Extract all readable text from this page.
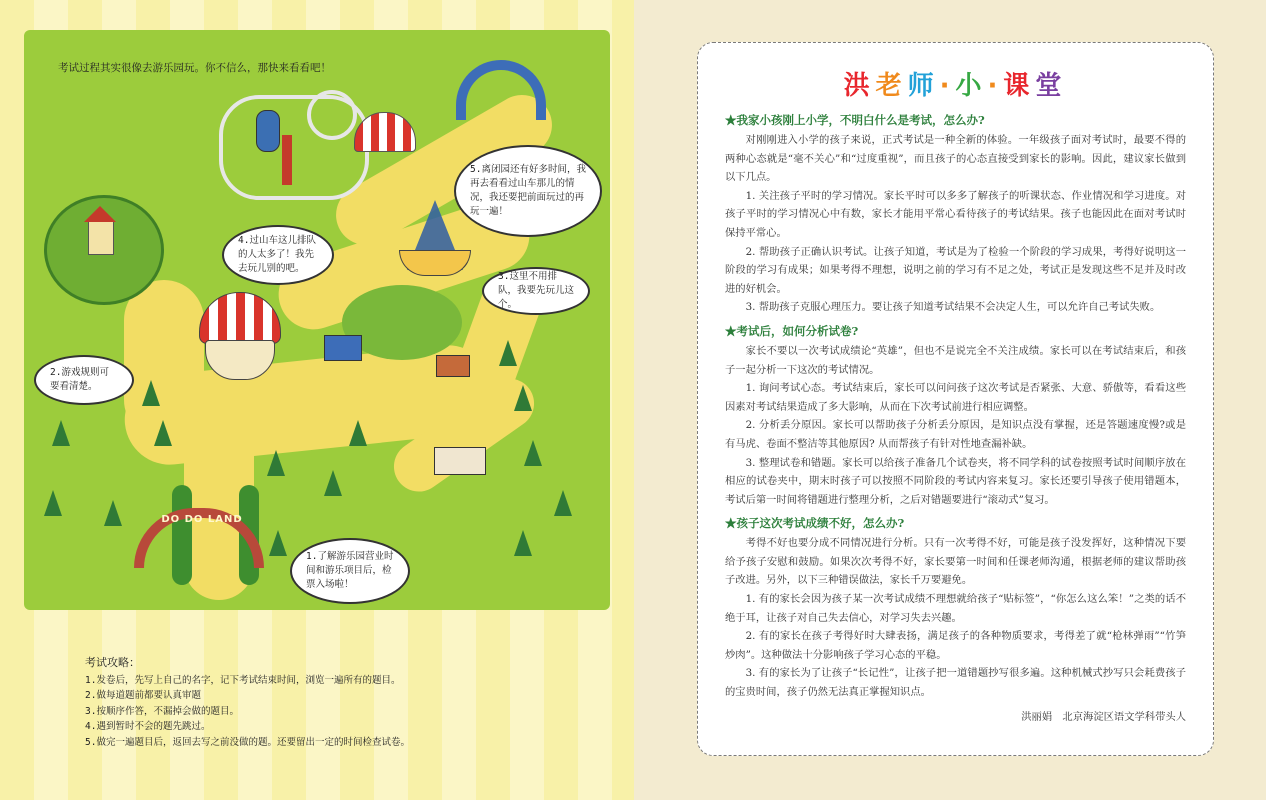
DO DO LAND
考试过程其实很像去游乐园玩。你不信么，那快来看看吧！
5.离闭园还有好多时间，我再去看看过山车那儿的情况，我还要把前面玩过的再玩一遍！
4.过山车这儿排队的人太多了！我先去玩儿别的吧。
3.这里不用排队，我要先玩儿这个。
2.游戏规则可要看清楚。
1.了解游乐园营业时间和游乐项目后，检票入场啦！
考试攻略：
1.发卷后，先写上自己的名字，记下考试结束时间，浏览一遍所有的题目。
2.做每道题前都要认真审题
3.按顺序作答，不漏掉会做的题目。
4.遇到暂时不会的题先跳过。
5.做完一遍题目后，返回去写之前没做的题。还要留出一定的时间检查试卷。
洪老师·小·课堂
★我家小孩刚上小学，不明白什么是考试，怎么办?

对刚刚进入小学的孩子来说，正式考试是一种全新的体验。一年级孩子面对考试时，最要不得的两种心态就是“毫不关心”和“过度重视”，而且孩子的心态直接受到家长的影响。因此，建议家长做到以下几点。

1. 关注孩子平时的学习情况。家长平时可以多多了解孩子的听课状态、作业情况和学习进度。对孩子平时的学习情况心中有数，家长才能用平常心看待孩子的考试结果。孩子也能因此在面对考试时保持平常心。

2. 帮助孩子正确认识考试。让孩子知道，考试是为了检验一个阶段的学习成果，考得好说明这一阶段的学习有成果；如果考得不理想，说明之前的学习有不足之处，考试正是发现这些不足并及时改进的好机会。

3. 帮助孩子克服心理压力。要让孩子知道考试结果不会决定人生，可以允许自己考试失败。

★考试后，如何分析试卷?

家长不要以一次考试成绩论“英雄”，但也不是说完全不关注成绩。家长可以在考试结束后，和孩子一起分析一下这次的考试情况。

1. 询问考试心态。考试结束后，家长可以问问孩子这次考试是否紧张、大意、骄傲等，看看这些因素对考试结果造成了多大影响，从而在下次考试前进行相应调整。

2. 分析丢分原因。家长可以帮助孩子分析丢分原因，是知识点没有掌握，还是答题速度慢?或是有马虎、卷面不整洁等其他原因? 从而帮孩子有针对性地查漏补缺。

3. 整理试卷和错题。家长可以给孩子准备几个试卷夹，将不同学科的试卷按照考试时间顺序放在相应的试卷夹中，期末时孩子可以按照不同阶段的考试内容来复习。家长还要引导孩子使用错题本，考试后第一时间将错题进行整理分析，之后对错题要进行“滚动式”复习。

★孩子这次考试成绩不好，怎么办?

考得不好也要分成不同情况进行分析。只有一次考得不好，可能是孩子没发挥好，这种情况下要给予孩子安慰和鼓励。如果次次考得不好，家长要第一时间和任课老师沟通，根据老师的建议帮助孩子改进。另外，以下三种错误做法，家长千万要避免。

1. 有的家长会因为孩子某一次考试成绩不理想就给孩子“贴标签”，“你怎么这么笨！”之类的话不绝于耳，让孩子对自己失去信心，对学习失去兴趣。

2. 有的家长在孩子考得好时大肆表扬，满足孩子的各种物质要求，考得差了就“枪林弹雨”“竹笋炒肉”。这种做法十分影响孩子学习心态的平稳。

3. 有的家长为了让孩子“长记性”，让孩子把一道错题抄写很多遍。这种机械式抄写只会耗费孩子的宝贵时间，孩子仍然无法真正掌握知识点。

洪丽娟　北京海淀区语文学科带头人
